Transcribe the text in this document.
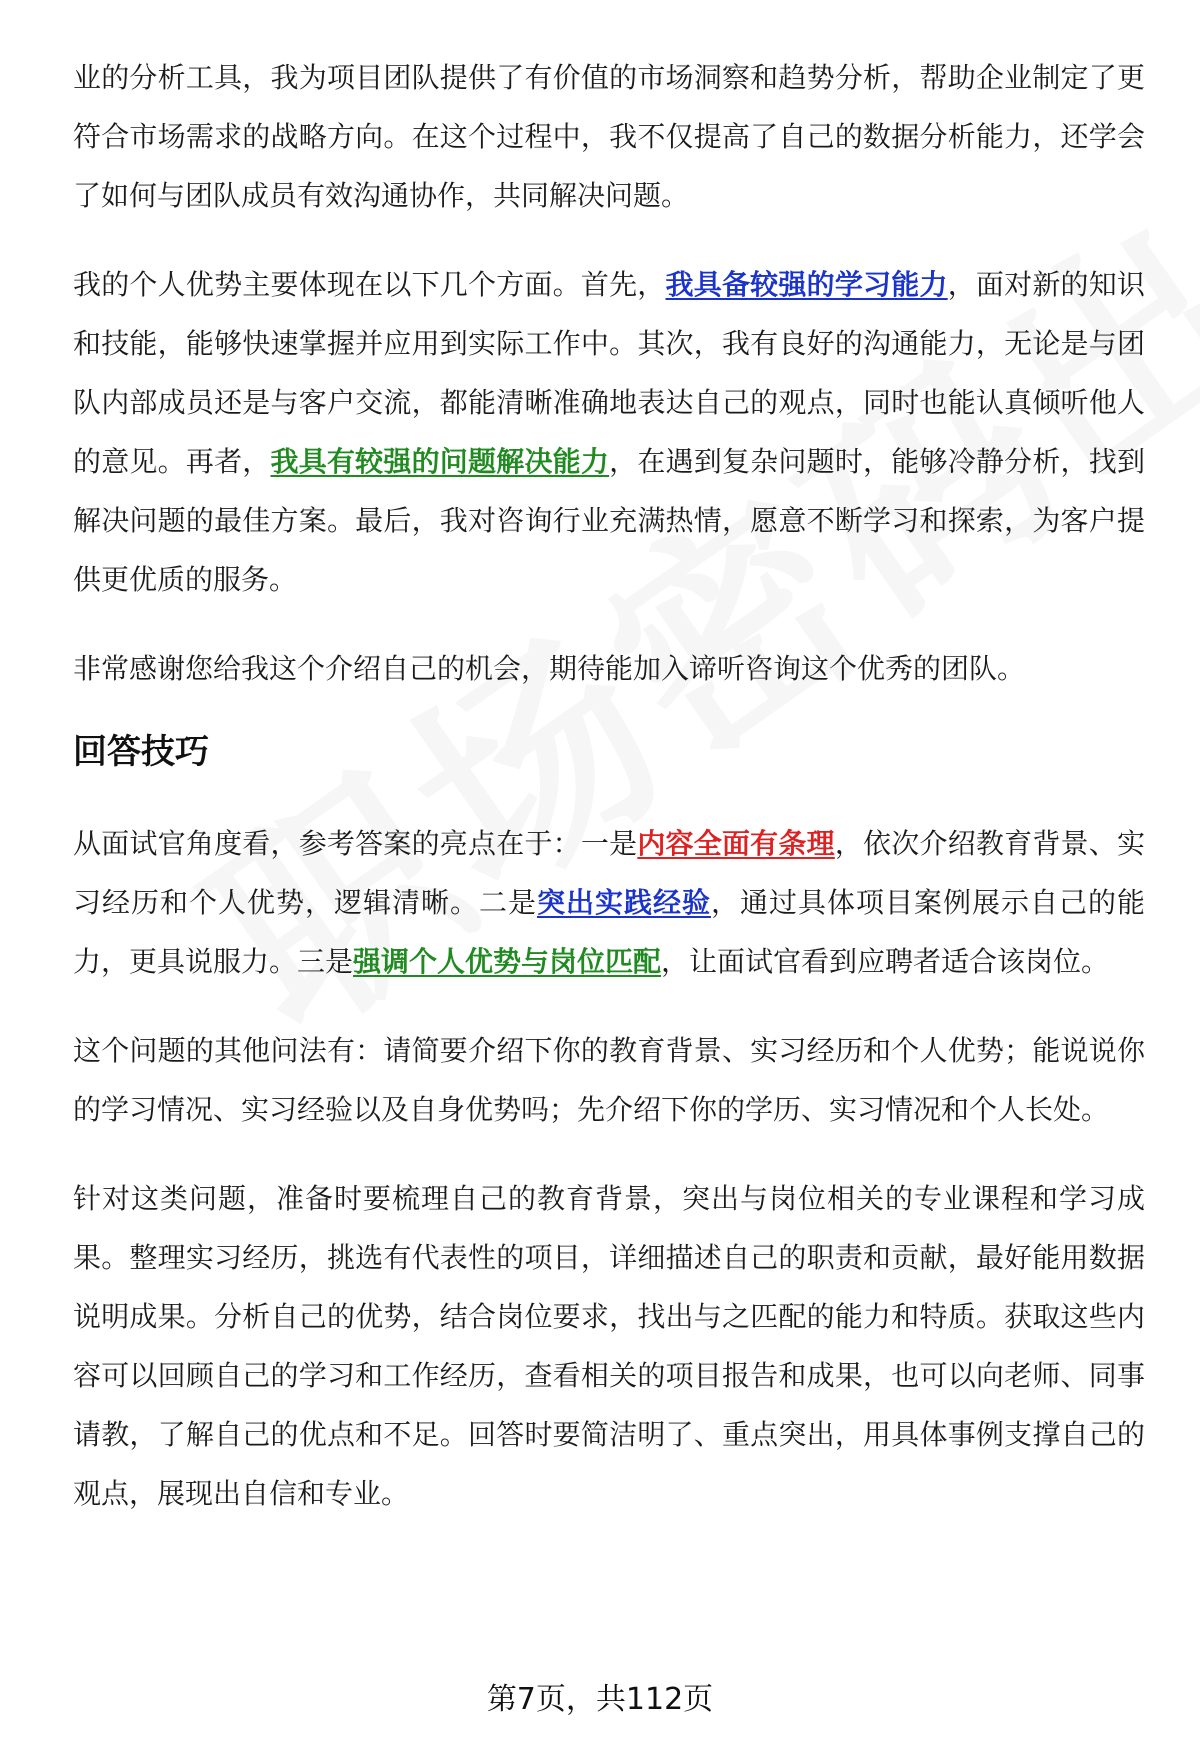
业的分析工具，我为项目团队提供了有价值的市场洞察和趋势分析，帮助企业制定了更符合市场需求的战略方向。在这个过程中，我不仅提高了自己的数据分析能力，还学会了如何与团队成员有效沟通协作，共同解决问题。

我的个人优势主要体现在以下几个方面。首先，我具备较强的学习能力，面对新的知识和技能，能够快速掌握并应用到实际工作中。其次，我有良好的沟通能力，无论是与团队内部成员还是与客户交流，都能清晰准确地表达自己的观点，同时也能认真倾听他人的意见。再者，我具有较强的问题解决能力，在遇到复杂问题时，能够冷静分析，找到解决问题的最佳方案。最后，我对咨询行业充满热情，愿意不断学习和探索，为客户提供更优质的服务。

非常感谢您给我这个介绍自己的机会，期待能加入谛听咨询这个优秀的团队。

回答技巧

从面试官角度看，参考答案的亮点在于：一是内容全面有条理，依次介绍教育背景、实习经历和个人优势，逻辑清晰。二是突出实践经验，通过具体项目案例展示自己的能力，更具说服力。三是强调个人优势与岗位匹配，让面试官看到应聘者适合该岗位。

这个问题的其他问法有：请简要介绍下你的教育背景、实习经历和个人优势；能说说你的学习情况、实习经验以及自身优势吗；先介绍下你的学历、实习情况和个人长处。

针对这类问题，准备时要梳理自己的教育背景，突出与岗位相关的专业课程和学习成果。整理实习经历，挑选有代表性的项目，详细描述自己的职责和贡献，最好能用数据说明成果。分析自己的优势，结合岗位要求，找出与之匹配的能力和特质。获取这些内容可以回顾自己的学习和工作经历，查看相关的项目报告和成果，也可以向老师、同事请教，了解自己的优点和不足。回答时要简洁明了、重点突出，用具体事例支撑自己的观点，展现出自信和专业。

第7页，共112页
